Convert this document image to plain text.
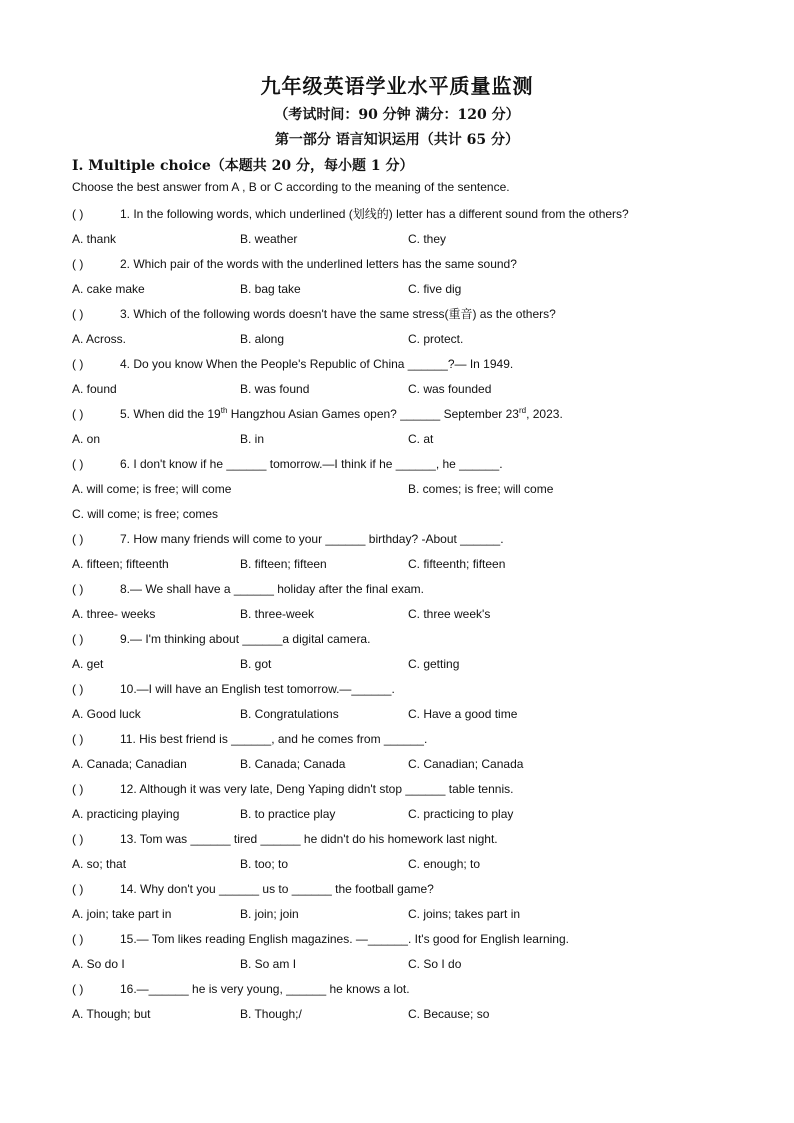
九年级英语学业水平质量监测
（考试时间：90 分钟 满分：120 分）
第一部分 语言知识运用（共计 65 分）
Ⅰ. Multiple choice（本题共 20 分，每小题 1 分）
Choose the best answer from A , B or C according to the meaning of the sentence.
( )	1. In the following words, which underlined (划线的) letter has a different sound from the others?
A. thank	B. weather	C. they
( )	2. Which pair of the words with the underlined letters has the same sound?
A. cake make	B. bag take	C. five dig
( )	3. Which of the following words doesn't have the same stress(重音) as the others?
A. Across.	B. along	C. protect.
( )	4. Do you know When the People's Republic of China ______?— In 1949.
A. found	B. was found	C. was founded
( )	5. When did the 19th Hangzhou Asian Games open? ______ September 23rd, 2023.
A. on	B. in	C. at
( )	6. I don't know if he ______ tomorrow.—I think if he ______, he ______.
A. will come; is free; will come	B. comes; is free; will come
C. will come; is free; comes
( )	7. How many friends will come to your ______ birthday? -About ______.
A. fifteen; fifteenth	B. fifteen; fifteen	C. fifteenth; fifteen
( )	8.— We shall have a ______ holiday after the final exam.
A. three- weeks	B. three-week	C. three week's
( )	9.— I'm thinking about ______a digital camera.
A. get	B. got	C. getting
( )	10.—I will have an English test tomorrow.—______.
A. Good luck	B. Congratulations	C. Have a good time
( )	11. His best friend is ______, and he comes from ______.
A. Canada; Canadian	B. Canada; Canada	C. Canadian; Canada
( )	12. Although it was very late, Deng Yaping didn't stop ______ table tennis.
A. practicing playing	B. to practice play	C. practicing to play
( )	13. Tom was ______ tired ______ he didn't do his homework last night.
A. so; that	B. too; to	C. enough; to
( )	14. Why don't you ______ us to ______ the football game?
A. join; take part in	B. join; join	C. joins; takes part in
( )	15.— Tom likes reading English magazines. —______. It's good for English learning.
A. So do I	B. So am I	C. So I do
( )	16.—______ he is very young, ______ he knows a lot.
A. Though; but	B. Though;/	C. Because; so
